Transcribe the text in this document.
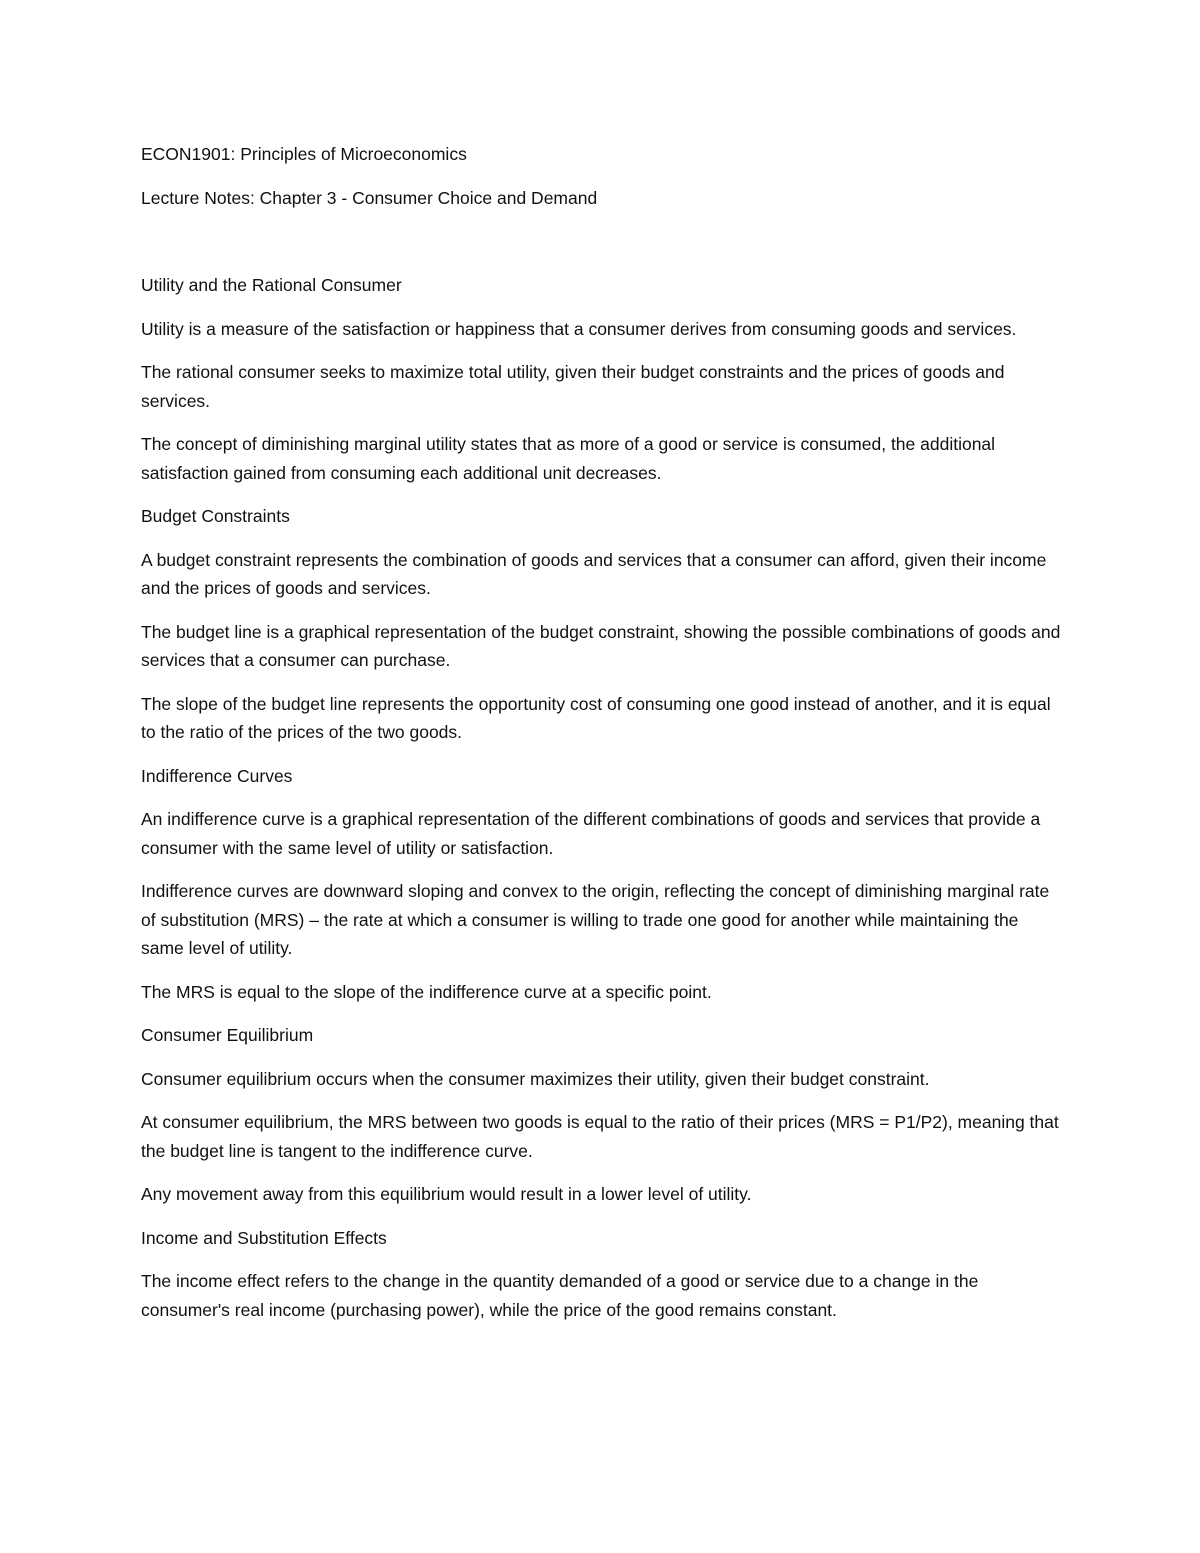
ECON1901: Principles of Microeconomics

Lecture Notes: Chapter 3 - Consumer Choice and Demand

Utility and the Rational Consumer

Utility is a measure of the satisfaction or happiness that a consumer derives from consuming goods and services.

The rational consumer seeks to maximize total utility, given their budget constraints and the prices of goods and services.

The concept of diminishing marginal utility states that as more of a good or service is consumed, the additional satisfaction gained from consuming each additional unit decreases.

Budget Constraints

A budget constraint represents the combination of goods and services that a consumer can afford, given their income and the prices of goods and services.

The budget line is a graphical representation of the budget constraint, showing the possible combinations of goods and services that a consumer can purchase.

The slope of the budget line represents the opportunity cost of consuming one good instead of another, and it is equal to the ratio of the prices of the two goods.

Indifference Curves

An indifference curve is a graphical representation of the different combinations of goods and services that provide a consumer with the same level of utility or satisfaction.

Indifference curves are downward sloping and convex to the origin, reflecting the concept of diminishing marginal rate of substitution (MRS) – the rate at which a consumer is willing to trade one good for another while maintaining the same level of utility.

The MRS is equal to the slope of the indifference curve at a specific point.

Consumer Equilibrium

Consumer equilibrium occurs when the consumer maximizes their utility, given their budget constraint.

At consumer equilibrium, the MRS between two goods is equal to the ratio of their prices (MRS = P1/P2), meaning that the budget line is tangent to the indifference curve.

Any movement away from this equilibrium would result in a lower level of utility.

Income and Substitution Effects

The income effect refers to the change in the quantity demanded of a good or service due to a change in the consumer's real income (purchasing power), while the price of the good remains constant.
